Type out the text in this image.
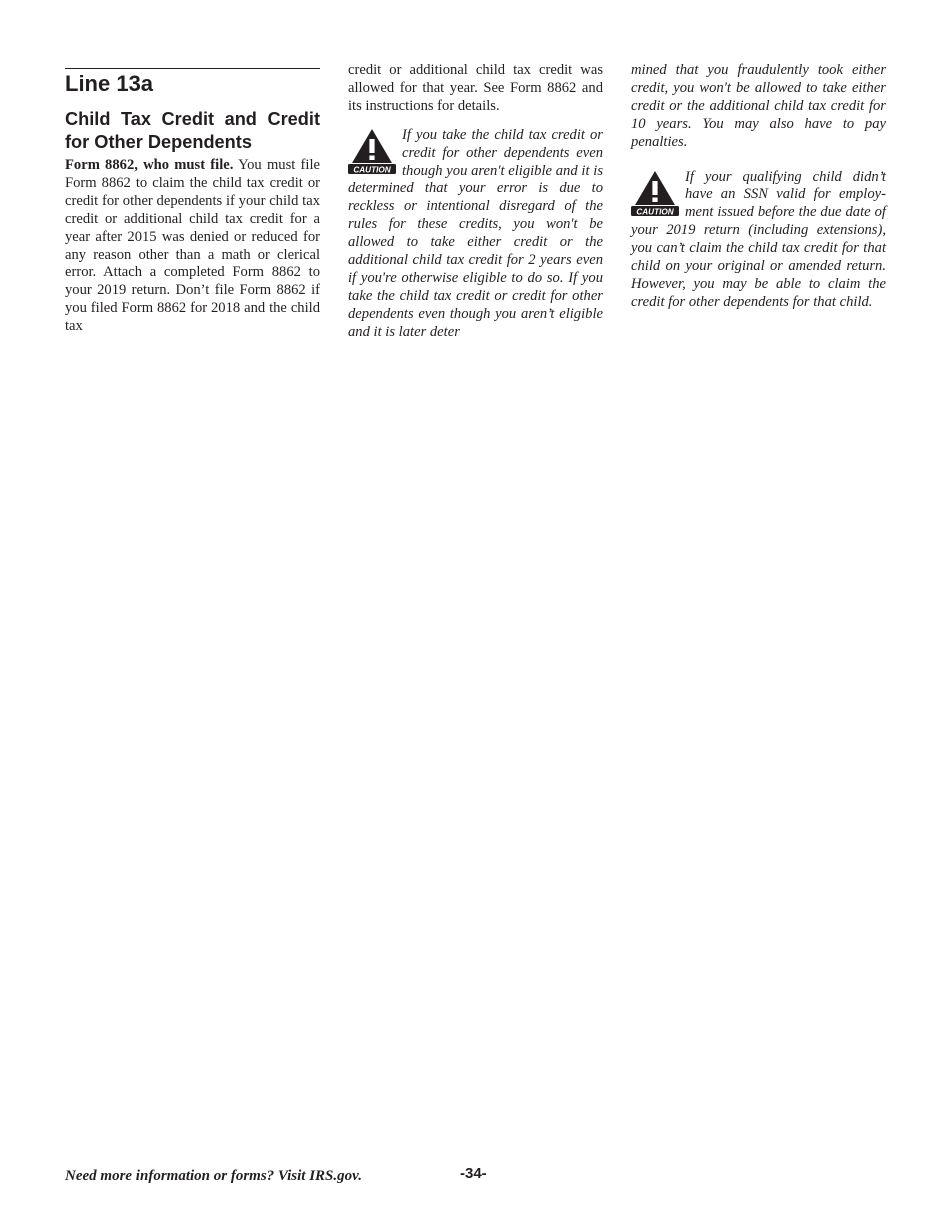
Line 13a
Child Tax Credit and Credit for Other Dependents

Form 8862, who must file. You must file Form 8862 to claim the child tax credit or credit for other dependents if your child tax credit or additional child tax credit for a year after 2015 was denied or reduced for any reason other than a math or clerical error. Attach a completed Form 8862 to your 2019 return. Don’t file Form 8862 if you filed Form 8862 for 2018 and the child tax

credit or additional child tax credit was allowed for that year. See Form 8862 and its instructions for details.

CAUTION
If you take the child tax credit or credit for other dependents even though you aren't eligible and it is determined that your error is due to reckless or intentional disregard of the rules for these credits, you won't be allowed to take either credit or the additional child tax credit for 2 years even if you're otherwise eligible to do so. If you take the child tax credit or credit for other dependents even though you aren’t eligible and it is later deter

mined that you fraudulently took either credit, you won't be allowed to take either credit or the additional child tax credit for 10 years. You may also have to pay penalties.

CAUTION
If your qualifying child didn’t have an SSN valid for employment issued before the due date of your 2019 return (including extensions), you can’t claim the child tax credit for that child on your original or amended return. However, you may be able to claim the credit for other dependents for that child.
Need more information or forms? Visit IRS.gov.	-34-
